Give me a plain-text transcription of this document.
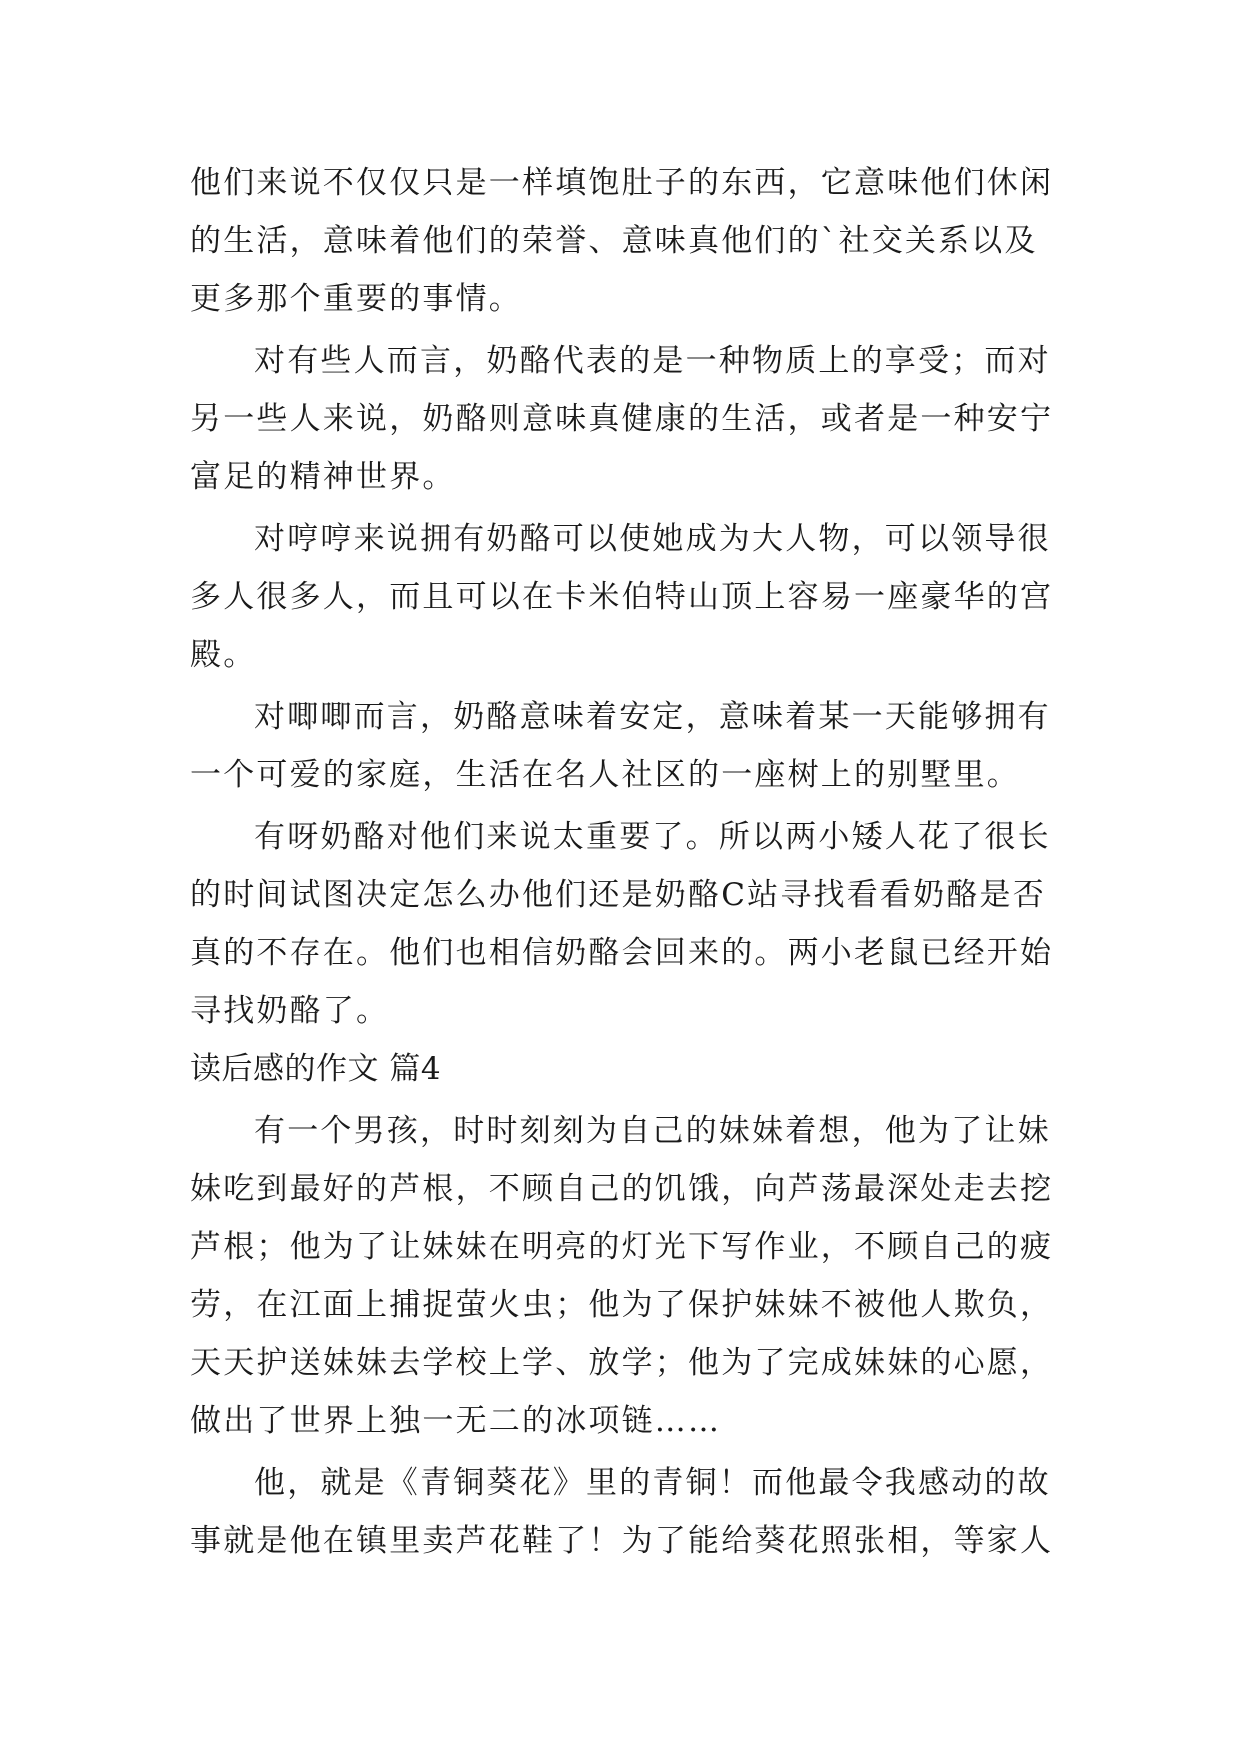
他们来说不仅仅只是一样填饱肚子的东西，它意味他们休闲
的生活，意味着他们的荣誉、意味真他们的`社交关系以及
更多那个重要的事情。
对有些人而言，奶酪代表的是一种物质上的享受；而对
另一些人来说，奶酪则意味真健康的生活，或者是一种安宁
富足的精神世界。
对哼哼来说拥有奶酪可以使她成为大人物，可以领导很
多人很多人，而且可以在卡米伯特山顶上容易一座豪华的宫
殿。
对唧唧而言，奶酪意味着安定，意味着某一天能够拥有
一个可爱的家庭，生活在名人社区的一座树上的别墅里。
有呀奶酪对他们来说太重要了。所以两小矮人花了很长
的时间试图决定怎么办他们还是奶酪C站寻找看看奶酪是否
真的不存在。他们也相信奶酪会回来的。两小老鼠已经开始
寻找奶酪了。
读后感的作文 篇4
有一个男孩，时时刻刻为自己的妹妹着想，他为了让妹
妹吃到最好的芦根，不顾自己的饥饿，向芦荡最深处走去挖
芦根；他为了让妹妹在明亮的灯光下写作业，不顾自己的疲
劳，在江面上捕捉萤火虫；他为了保护妹妹不被他人欺负，
天天护送妹妹去学校上学、放学；他为了完成妹妹的心愿，
做出了世界上独一无二的冰项链……
他，就是《青铜葵花》里的青铜！而他最令我感动的故
事就是他在镇里卖芦花鞋了！为了能给葵花照张相，等家人
